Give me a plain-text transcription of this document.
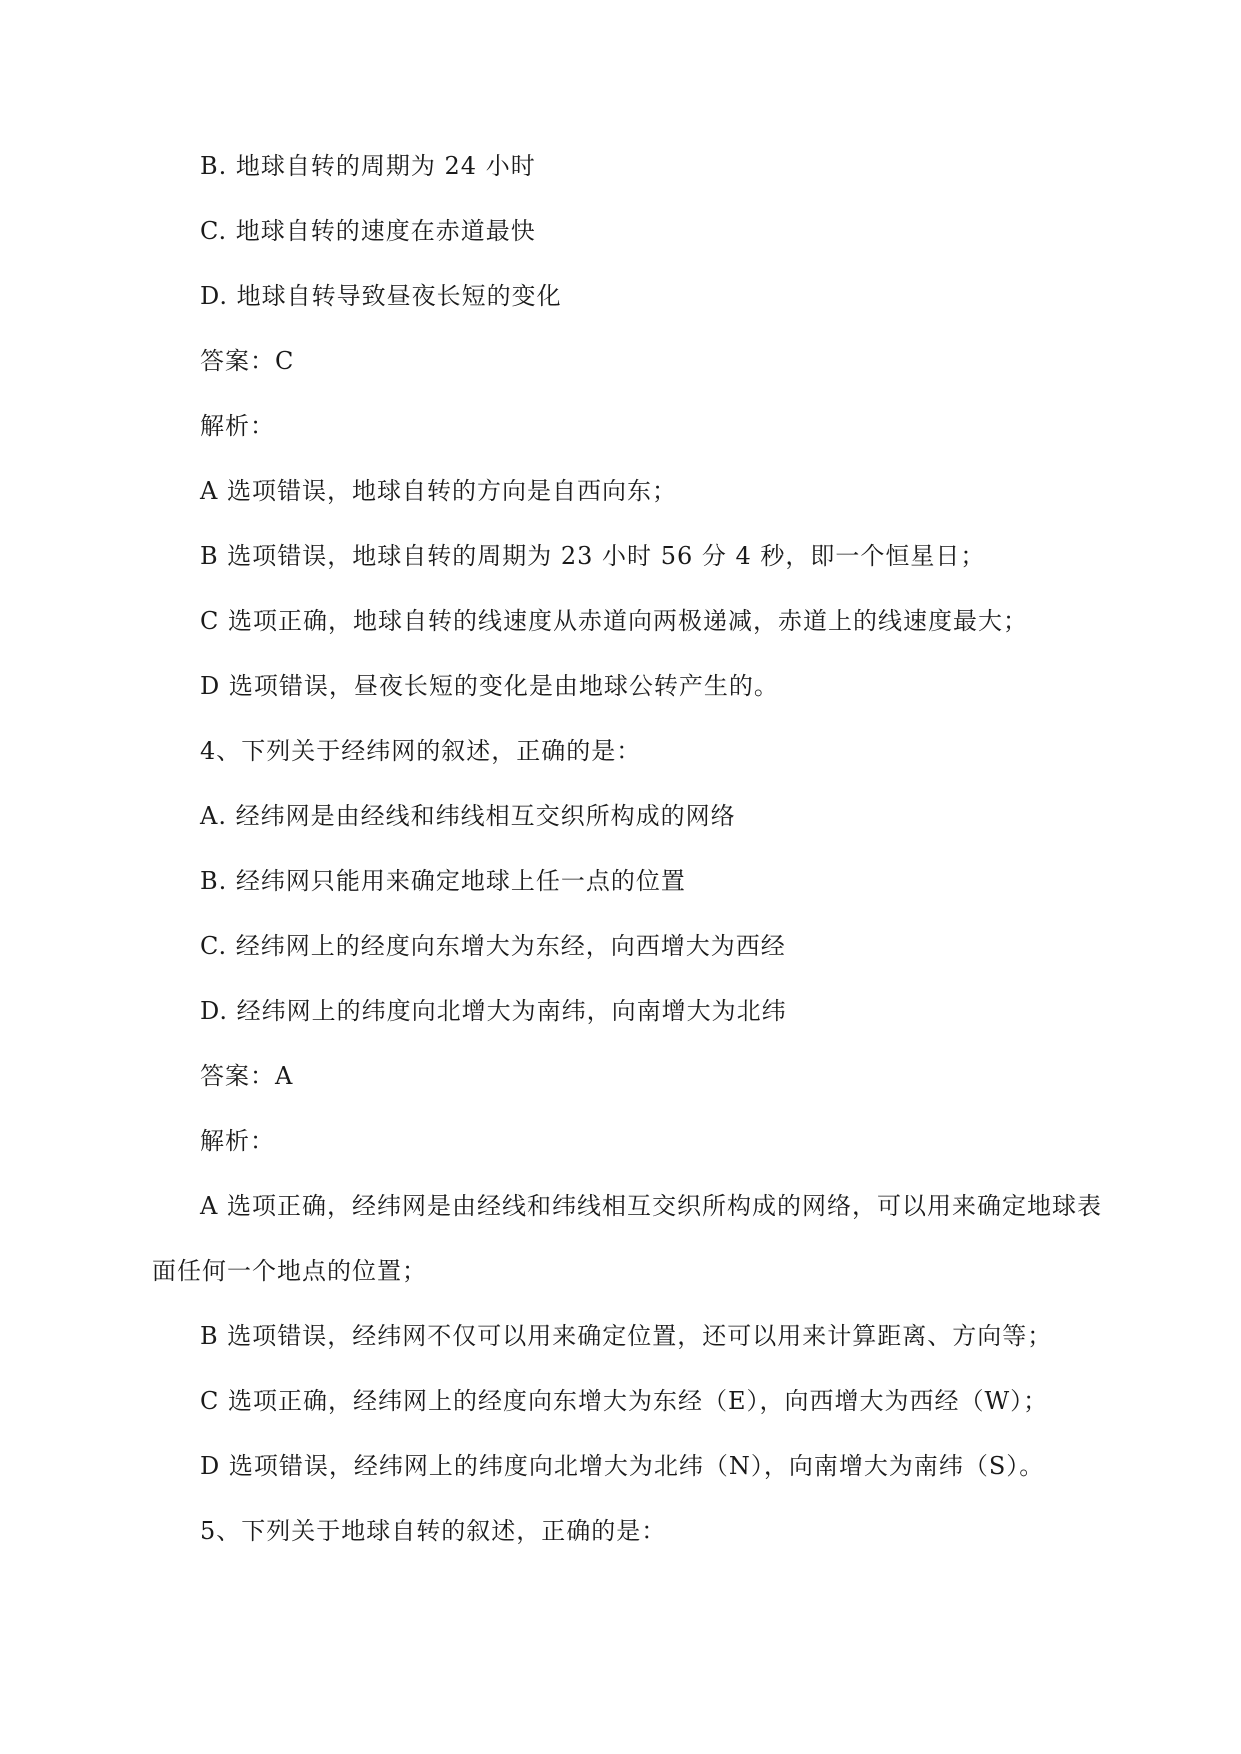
B. 地球自转的周期为 24 小时
C. 地球自转的速度在赤道最快
D. 地球自转导致昼夜长短的变化
答案：C
解析：
A 选项错误，地球自转的方向是自西向东；
B 选项错误，地球自转的周期为 23 小时 56 分 4 秒，即一个恒星日；
C 选项正确，地球自转的线速度从赤道向两极递减，赤道上的线速度最大；
D 选项错误，昼夜长短的变化是由地球公转产生的。
4、下列关于经纬网的叙述，正确的是：
A. 经纬网是由经线和纬线相互交织所构成的网络
B. 经纬网只能用来确定地球上任一点的位置
C. 经纬网上的经度向东增大为东经，向西增大为西经
D. 经纬网上的纬度向北增大为南纬，向南增大为北纬
答案：A
解析：
A 选项正确，经纬网是由经线和纬线相互交织所构成的网络，可以用来确定地球表
面任何一个地点的位置；
B 选项错误，经纬网不仅可以用来确定位置，还可以用来计算距离、方向等；
C 选项正确，经纬网上的经度向东增大为东经（E），向西增大为西经（W）；
D 选项错误，经纬网上的纬度向北增大为北纬（N），向南增大为南纬（S）。
5、下列关于地球自转的叙述，正确的是：
